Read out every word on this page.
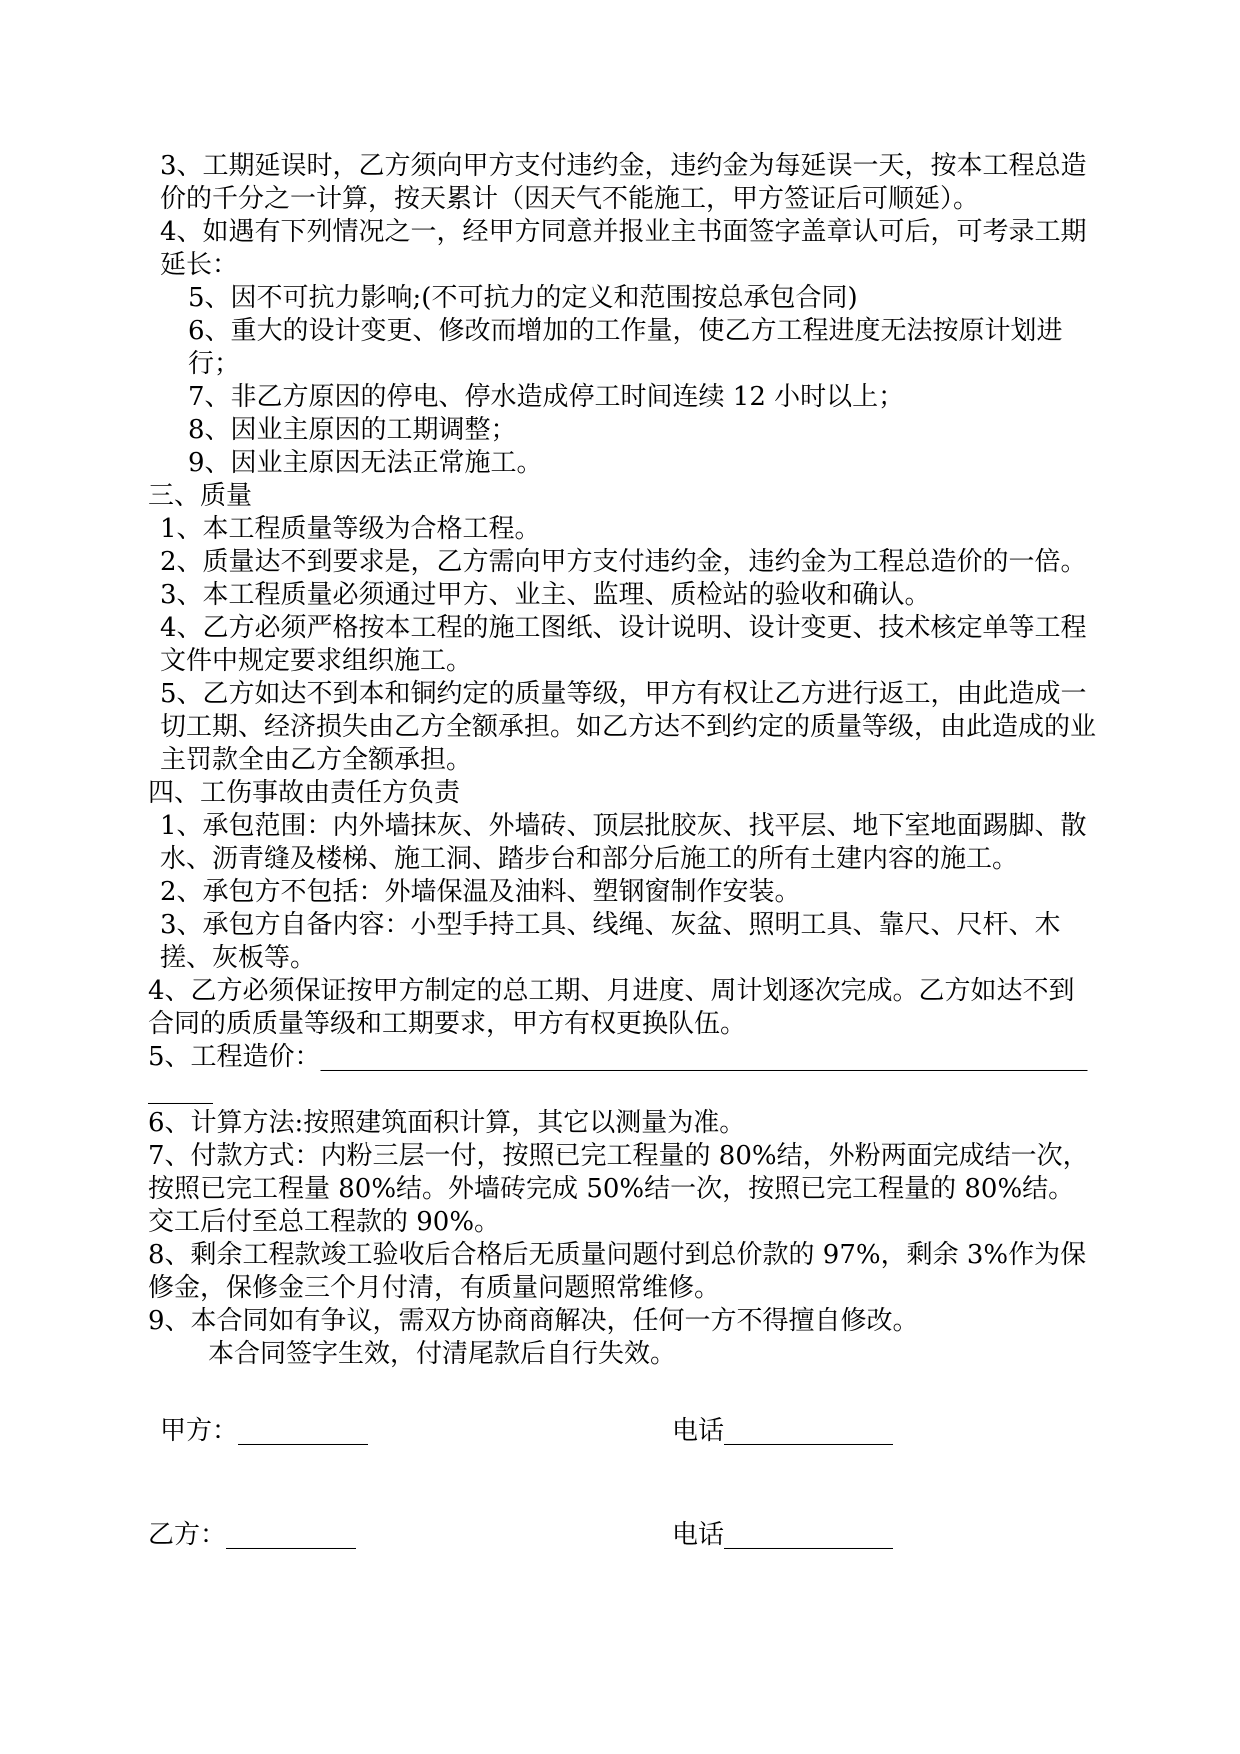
3、工期延误时，乙方须向甲方支付违约金，违约金为每延误一天，按本工程总造价的千分之一计算，按天累计（因天气不能施工，甲方签证后可顺延）。

4、如遇有下列情况之一，经甲方同意并报业主书面签字盖章认可后，可考录工期延长：

5、因不可抗力影响;(不可抗力的定义和范围按总承包合同)

6、重大的设计变更、修改而增加的工作量，使乙方工程进度无法按原计划进行；

7、非乙方原因的停电、停水造成停工时间连续 12 小时以上；

8、因业主原因的工期调整；

9、因业主原因无法正常施工。

三、质量

1、本工程质量等级为合格工程。

2、质量达不到要求是，乙方需向甲方支付违约金，违约金为工程总造价的一倍。

3、本工程质量必须通过甲方、业主、监理、质检站的验收和确认。

4、乙方必须严格按本工程的施工图纸、设计说明、设计变更、技术核定单等工程文件中规定要求组织施工。

5、乙方如达不到本和铜约定的质量等级，甲方有权让乙方进行返工，由此造成一切工期、经济损失由乙方全额承担。如乙方达不到约定的质量等级，由此造成的业主罚款全由乙方全额承担。

四、工伤事故由责任方负责

1、承包范围：内外墙抹灰、外墙砖、顶层批胶灰、找平层、地下室地面踢脚、散水、沥青缝及楼梯、施工洞、踏步台和部分后施工的所有土建内容的施工。

2、承包方不包括：外墙保温及油料、塑钢窗制作安装。

3、承包方自备内容：小型手持工具、线绳、灰盆、照明工具、靠尺、尺杆、木搓、灰板等。

4、乙方必须保证按甲方制定的总工期、月进度、周计划逐次完成。乙方如达不到合同的质质量等级和工期要求，甲方有权更换队伍。

5、工程造价：________________________________________________________________

6、计算方法:按照建筑面积计算，其它以测量为准。

7、付款方式：内粉三层一付，按照已完工程量的 80%结，外粉两面完成结一次，按照已完工程量 80%结。外墙砖完成 50%结一次，按照已完工程量的 80%结。交工后付至总工程款的 90%。

8、剩余工程款竣工验收后合格后无质量问题付到总价款的 97%，剩余 3%作为保修金，保修金三个月付清，有质量问题照常维修。

9、本合同如有争议，需双方协商商解决，任何一方不得擅自修改。

本合同签字生效，付清尾款后自行失效。

甲方：__________	电话_____________
乙方：__________	电话_____________
